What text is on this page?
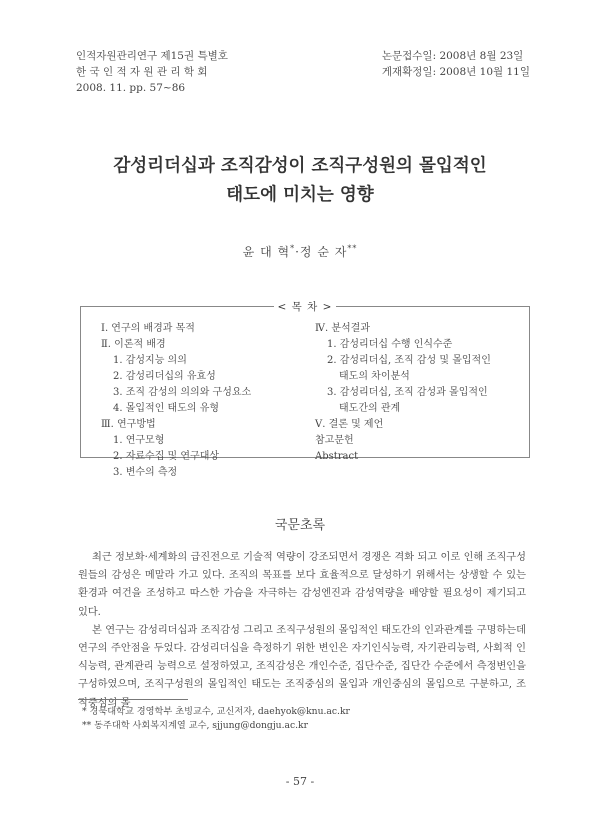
인적자원관리연구 제15권 특별호
한 국 인 적 자 원 관 리 학 회
2008. 11. pp. 57~86
논문접수일: 2008년 8월 23일
게재확정일: 2008년 10월 11일
감성리더십과 조직감성이 조직구성원의 몰입적인
태도에 미치는 영향
윤 대 혁*·정 순 자**
< 목 차 >
Ⅰ. 연구의 배경과 목적
Ⅱ. 이론적 배경
1. 감성지능 의의
2. 감성리더십의 유효성
3. 조직 감성의 의의와 구성요소
4. 몰입적인 태도의 유형
Ⅲ. 연구방법
1. 연구모형
2. 자료수집 및 연구대상
3. 변수의 측정
Ⅳ. 분석결과
1. 감성리더십 수행 인식수준
2. 감성리더십, 조직 감성 및 몰입적인
태도의 차이분석
3. 감성리더십, 조직 감성과 몰입적인
태도간의 관계
Ⅴ. 결론 및 제언
참고문헌
Abstract
국문초록

최근 정보화·세계화의 급진전으로 기술적 역량이 강조되면서 경쟁은 격화 되고 이로 인해 조직구성원들의 감성은 메말라 가고 있다. 조직의 목표를 보다 효율적으로 달성하기 위해서는 상생할 수 있는 환경과 여건을 조성하고 따스한 가슴을 자극하는 감성엔진과 감성역량을 배양할 필요성이 제기되고 있다.

본 연구는 감성리더십과 조직감성 그리고 조직구성원의 몰입적인 태도간의 인과관계를 구명하는데 연구의 주안점을 두었다. 감성리더십을 측정하기 위한 변인은 자기인식능력, 자기관리능력, 사회적 인식능력, 관계관리 능력으로 설정하였고, 조직감성은 개인수준, 집단수준, 집단간 수준에서 측정변인을 구성하였으며, 조직구성원의 몰입적인 태도는 조직중심의 몰입과 개인중심의 몰입으로 구분하고, 조직중심의 몰

* 경북대학교 경영학부 초빙교수, 교신저자, daehyok@knu.ac.kr
** 동주대학 사회복지계열 교수, sjjung@dongju.ac.kr
- 57 -
